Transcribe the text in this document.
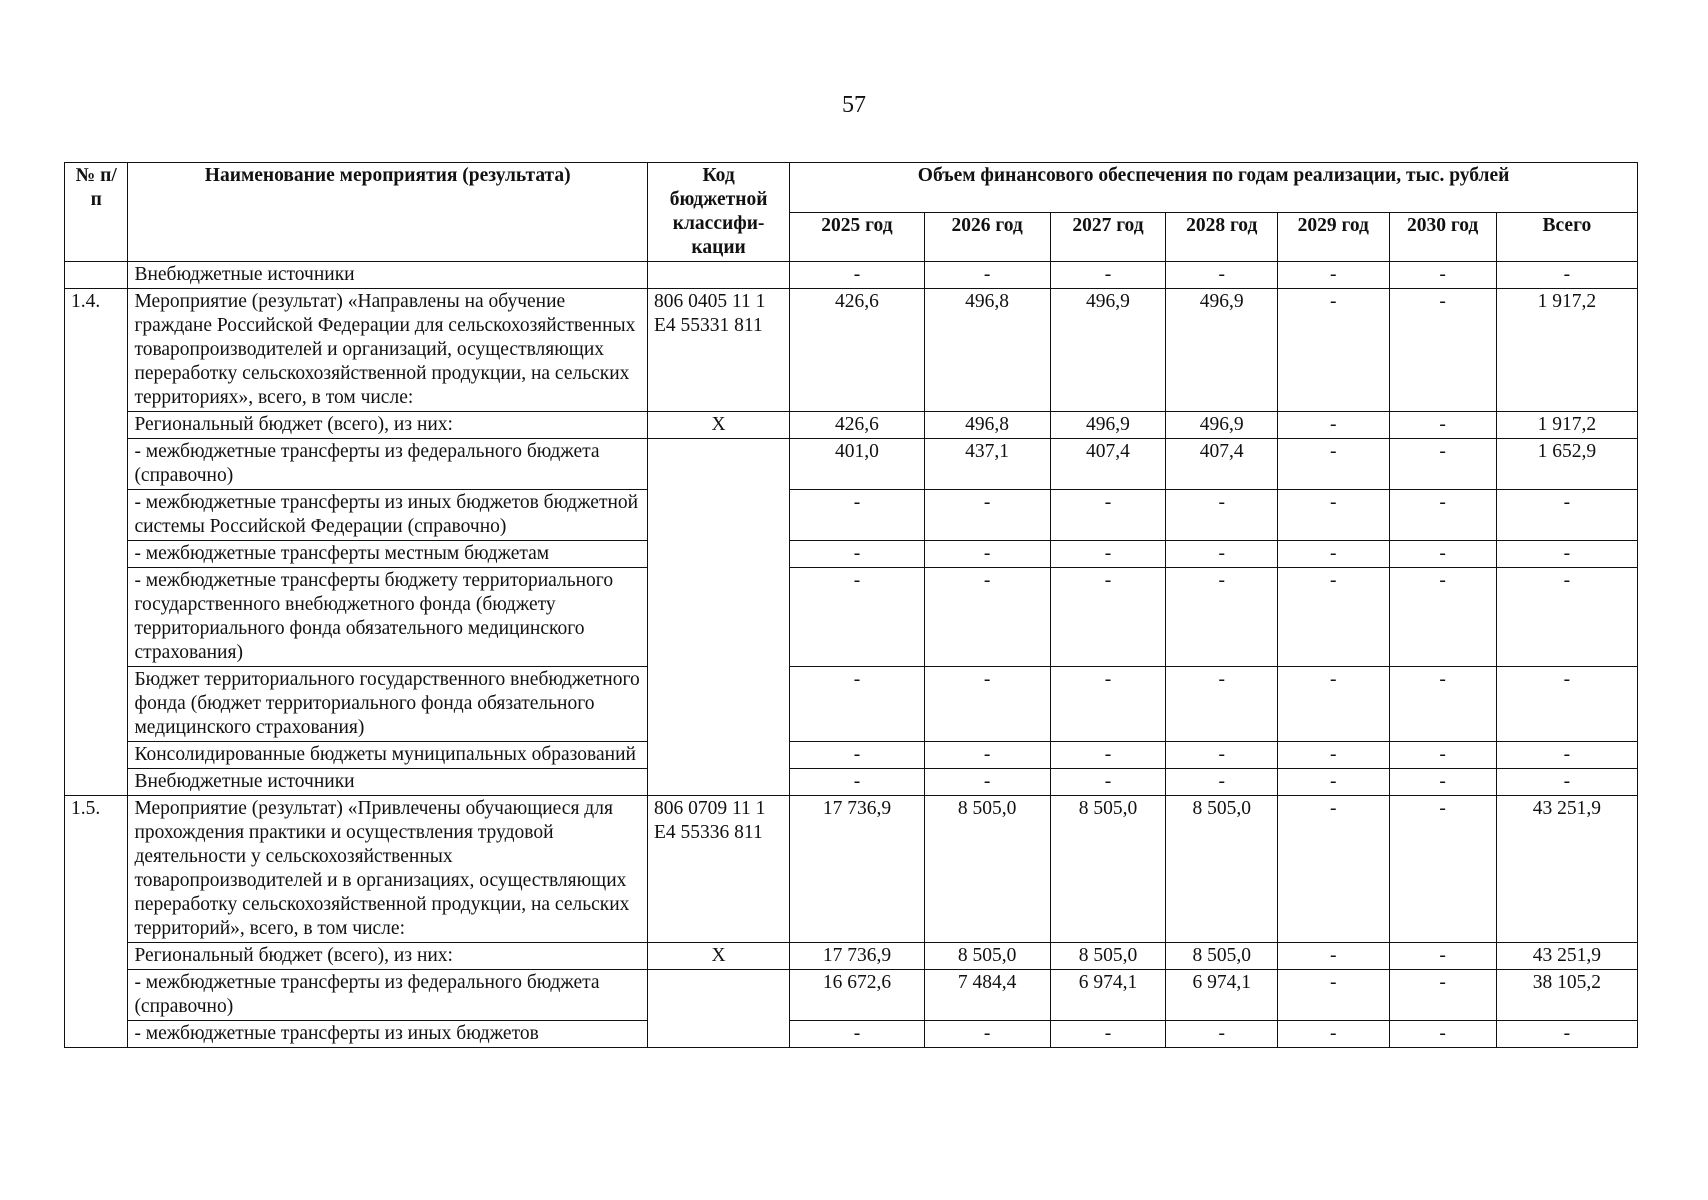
57
№ п/п	Наименование мероприятия (результата)	Код бюджетной классифи-кации	Объем финансового обеспечения по годам реализации, тыс. рублей						
			2025 год	2026 год	2027 год	2028 год	2029 год	2030 год	Всего
	Внебюджетные источники		-	-	-	-	-	-	-
1.4.	Мероприятие (результат) «Направлены на обучение граждане Российской Федерации для сельскохозяйственных товаропроизводителей и организаций, осуществляющих переработку сельскохозяйственной продукции, на сельских территориях», всего, в том числе:	806 0405 11 1 Е4 55331 811	426,6	496,8	496,9	496,9	-	-	1 917,2
	Региональный бюджет (всего), из них:	X	426,6	496,8	496,9	496,9	-	-	1 917,2
	- межбюджетные трансферты из федерального бюджета (справочно)		401,0	437,1	407,4	407,4	-	-	1 652,9
	- межбюджетные трансферты из иных бюджетов бюджетной системы Российской Федерации (справочно)		-	-	-	-	-	-	-
	- межбюджетные трансферты местным бюджетам		-	-	-	-	-	-	-
	- межбюджетные трансферты бюджету территориального государственного внебюджетного фонда (бюджету территориального фонда обязательного медицинского страхования)		-	-	-	-	-	-	-
	Бюджет территориального государственного внебюджетного фонда (бюджет территориального фонда обязательного медицинского страхования)		-	-	-	-	-	-	-
	Консолидированные бюджеты муниципальных образований		-	-	-	-	-	-	-
	Внебюджетные источники		-	-	-	-	-	-	-
1.5.	Мероприятие (результат) «Привлечены обучающиеся для прохождения практики и осуществления трудовой деятельности у сельскохозяйственных товаропроизводителей и в организациях, осуществляющих переработку сельскохозяйственной продукции, на сельских территорий», всего, в том числе:	806 0709 11 1 Е4 55336 811	17 736,9	8 505,0	8 505,0	8 505,0	-	-	43 251,9
	Региональный бюджет (всего), из них:	X	17 736,9	8 505,0	8 505,0	8 505,0	-	-	43 251,9
	- межбюджетные трансферты из федерального бюджета (справочно)		16 672,6	7 484,4	6 974,1	6 974,1	-	-	38 105,2
	- межбюджетные трансферты из иных бюджетов		-	-	-	-	-	-	-
